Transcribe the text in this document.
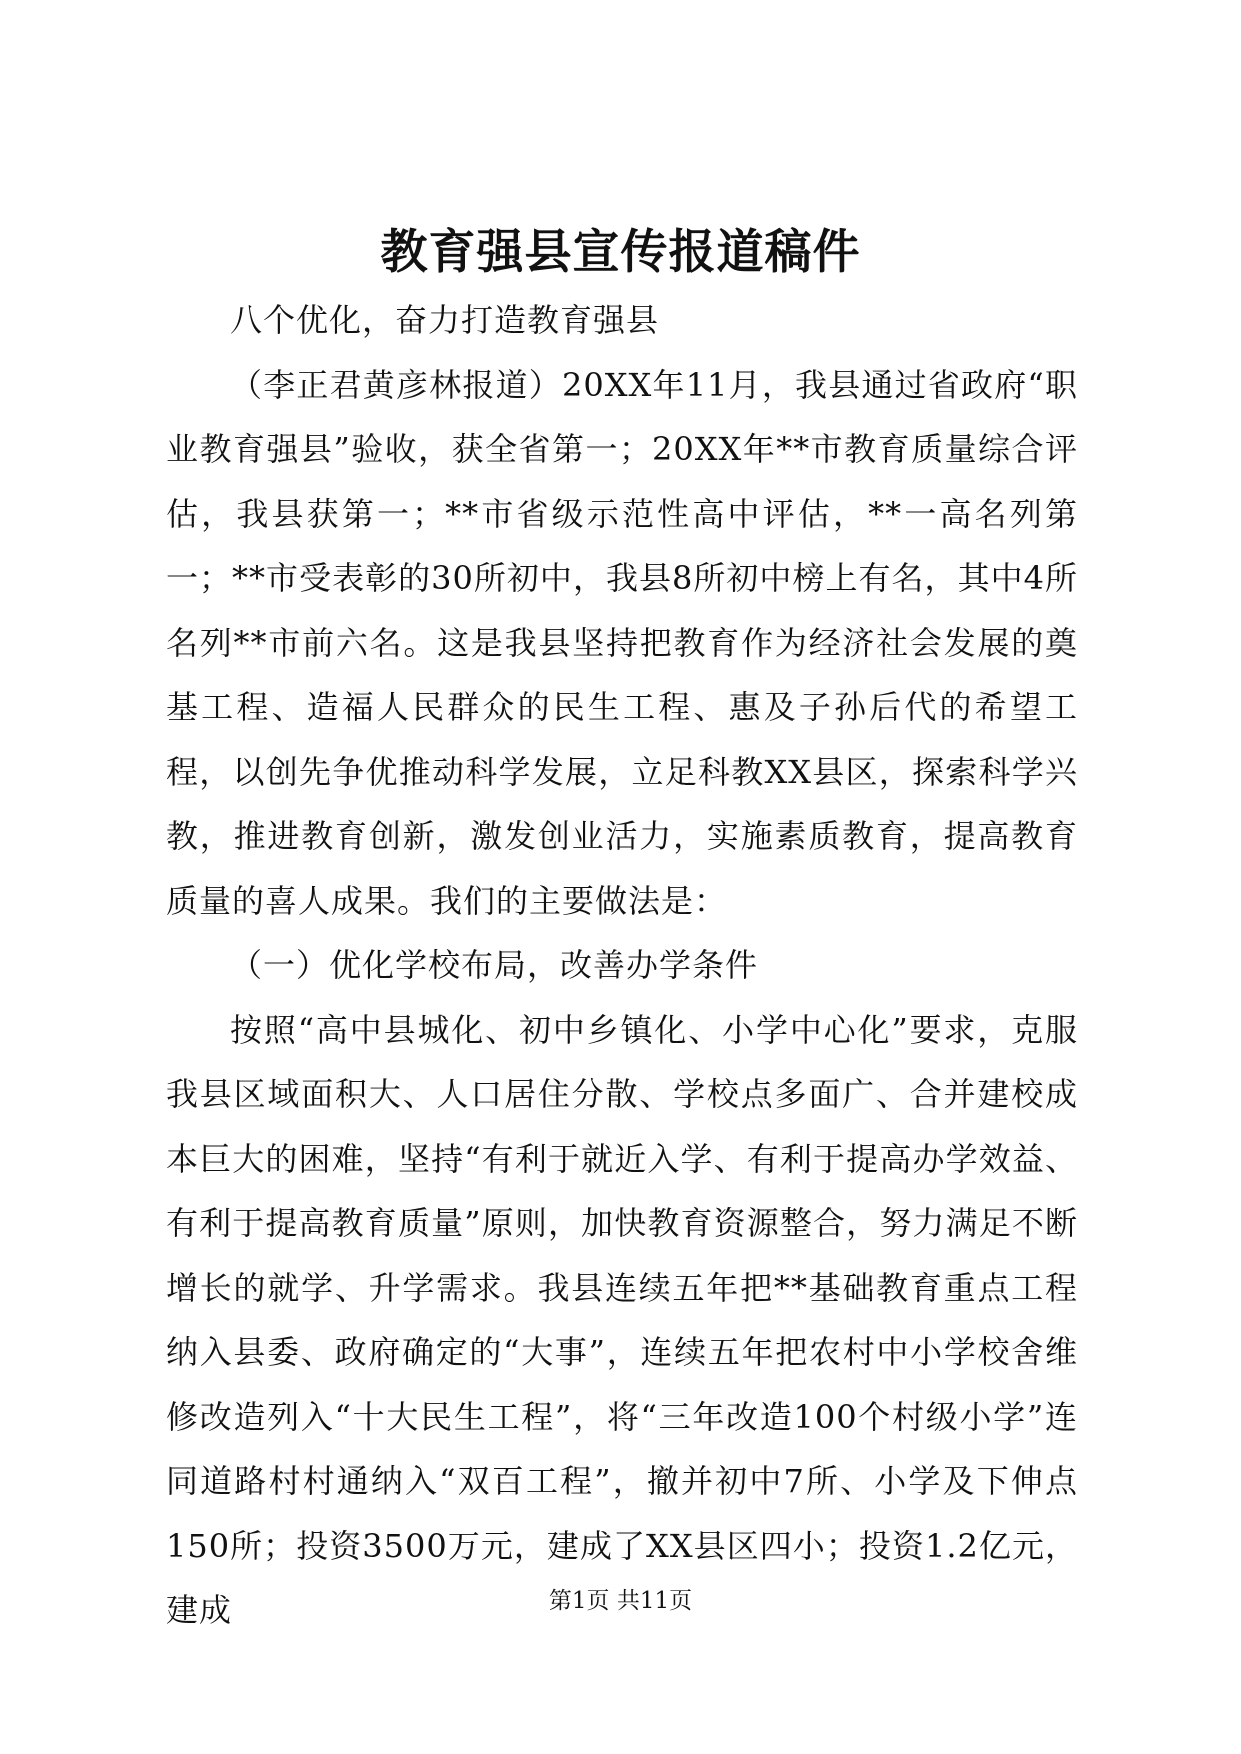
教育强县宣传报道稿件

八个优化，奋力打造教育强县

（李正君黄彦林报道）20XX年11月，我县通过省政府“职业教育强县”验收，获全省第一；20XX年**市教育质量综合评估，我县获第一；**市省级示范性高中评估，**一高名列第一；**市受表彰的30所初中，我县8所初中榜上有名，其中4所名列**市前六名。这是我县坚持把教育作为经济社会发展的奠基工程、造福人民群众的民生工程、惠及子孙后代的希望工程，以创先争优推动科学发展，立足科教XX县区，探索科学兴教，推进教育创新，激发创业活力，实施素质教育，提高教育质量的喜人成果。我们的主要做法是：

（一）优化学校布局，改善办学条件

按照“高中县城化、初中乡镇化、小学中心化”要求，克服我县区域面积大、人口居住分散、学校点多面广、合并建校成本巨大的困难，坚持“有利于就近入学、有利于提高办学效益、有利于提高教育质量”原则，加快教育资源整合，努力满足不断增长的就学、升学需求。我县连续五年把**基础教育重点工程纳入县委、政府确定的“大事”，连续五年把农村中小学校舍维修改造列入“十大民生工程”，将“三年改造100个村级小学”连同道路村村通纳入“双百工程”，撤并初中7所、小学及下伸点150所；投资3500万元，建成了XX县区四小；投资1.2亿元，建成	第1页 共11页
